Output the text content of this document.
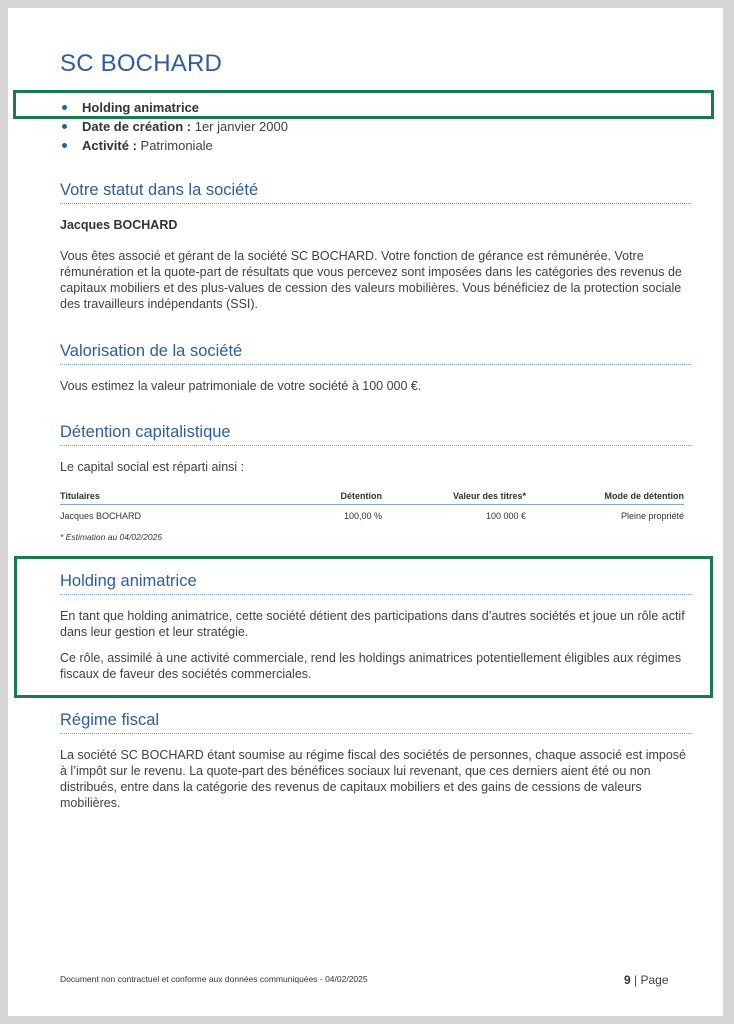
SC BOCHARD
Holding animatrice
Date de création : 1er janvier 2000
Activité : Patrimoniale
Votre statut dans la société
Jacques BOCHARD

Vous êtes associé et gérant de la société SC BOCHARD. Votre fonction de gérance est rémunérée. Votre rémunération et la quote-part de résultats que vous percevez sont imposées dans les catégories des revenus de capitaux mobiliers et des plus-values de cession des valeurs mobilières. Vous bénéficiez de la protection sociale des travailleurs indépendants (SSI).

Valorisation de la société

Vous estimez la valeur patrimoniale de votre société à 100 000 €.

Détention capitalistique

Le capital social est réparti ainsi :

Titulaires	Détention	Valeur des titres*	Mode de détention
Jacques BOCHARD	100,00 %	100 000 €	Pleine propriété
* Estimation au 04/02/2025
Holding animatrice

En tant que holding animatrice, cette société détient des participations dans d’autres sociétés et joue un rôle actif dans leur gestion et leur stratégie.

Ce rôle, assimilé à une activité commerciale, rend les holdings animatrices potentiellement éligibles aux régimes fiscaux de faveur des sociétés commerciales.

Régime fiscal

La société SC BOCHARD étant soumise au régime fiscal des sociétés de personnes, chaque associé est imposé à l’impôt sur le revenu. La quote-part des bénéfices sociaux lui revenant, que ces derniers aient été ou non distribués, entre dans la catégorie des revenus de capitaux mobiliers et des gains de cessions de valeurs mobilières.

Document non contractuel et conforme aux données communiquées - 04/02/2025	9 | Page
